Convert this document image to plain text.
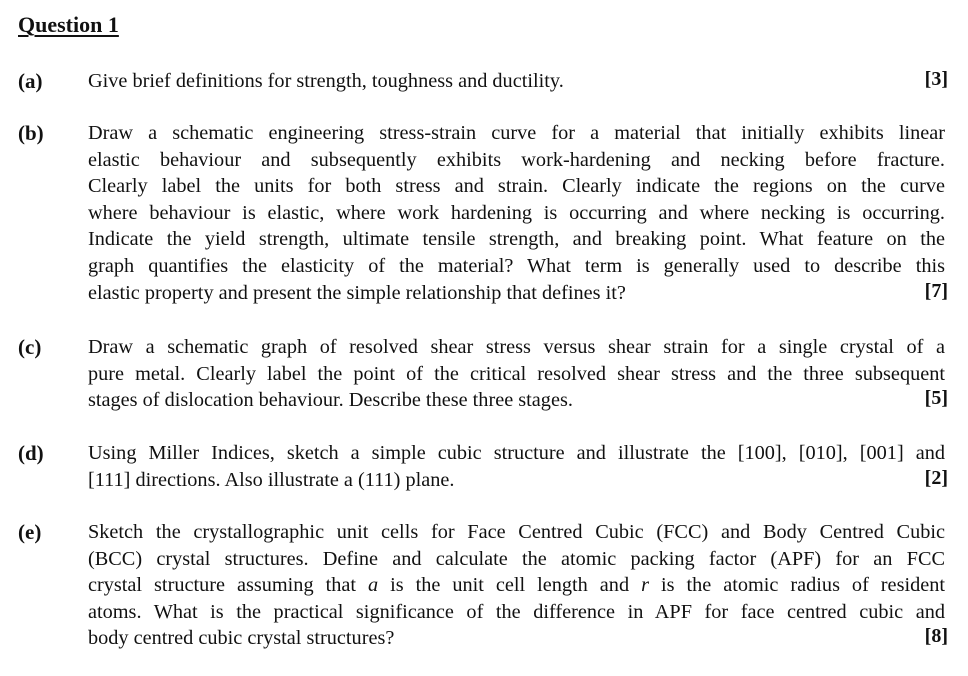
Question 1
(a) Give brief definitions for strength, toughness and ductility.	[3]
(b) Draw a schematic engineering stress-strain curve for a material that initially exhibits linear
elastic behaviour and subsequently exhibits work-hardening and necking before fracture.
Clearly label the units for both stress and strain. Clearly indicate the regions on the curve
where behaviour is elastic, where work hardening is occurring and where necking is occurring.
Indicate the yield strength, ultimate tensile strength, and breaking point. What feature on the
graph quantifies the elasticity of the material? What term is generally used to describe this
elastic property and present the simple relationship that defines it?	[7]
(c) Draw a schematic graph of resolved shear stress versus shear strain for a single crystal of a
pure metal. Clearly label the point of the critical resolved shear stress and the three subsequent
stages of dislocation behaviour. Describe these three stages.	[5]
(d) Using Miller Indices, sketch a simple cubic structure and illustrate the [100], [010], [001] and
[111] directions. Also illustrate a (111) plane.	[2]
(e) Sketch the crystallographic unit cells for Face Centred Cubic (FCC) and Body Centred Cubic
(BCC) crystal structures. Define and calculate the atomic packing factor (APF) for an FCC
crystal structure assuming that a is the unit cell length and r is the atomic radius of resident
atoms. What is the practical significance of the difference in APF for face centred cubic and
body centred cubic crystal structures?	[8]
